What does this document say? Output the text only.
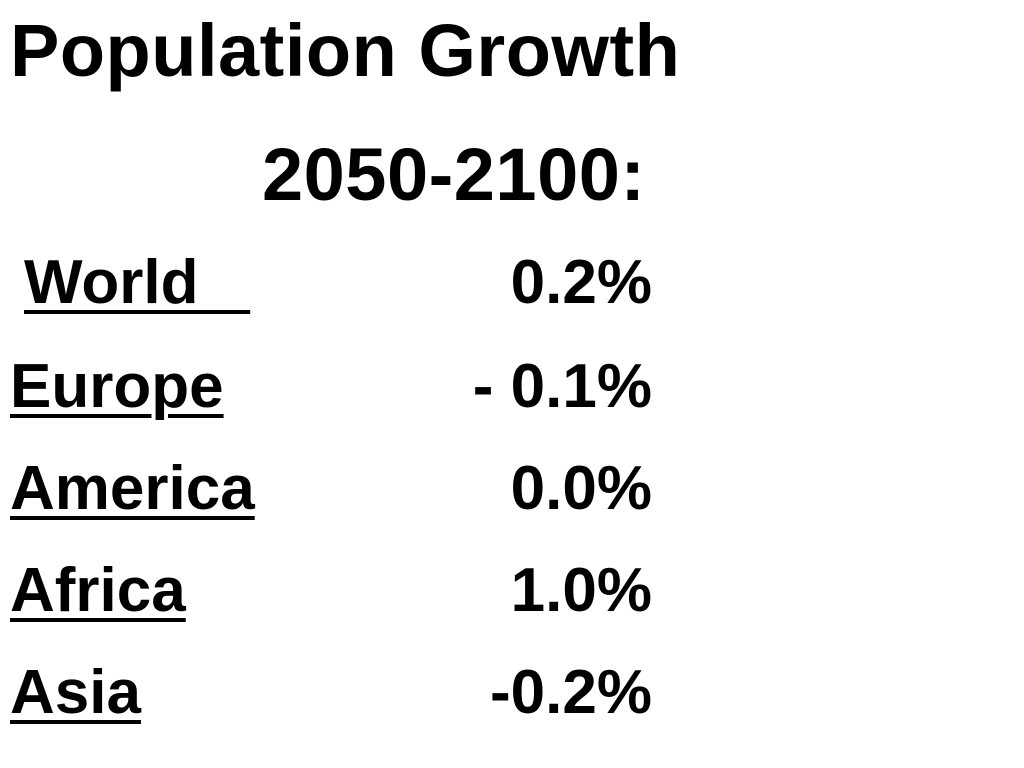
Population Growth
2050-2100:
World	0.2%
Europe	- 0.1%
America	0.0%
Africa	1.0%
Asia	-0.2%
